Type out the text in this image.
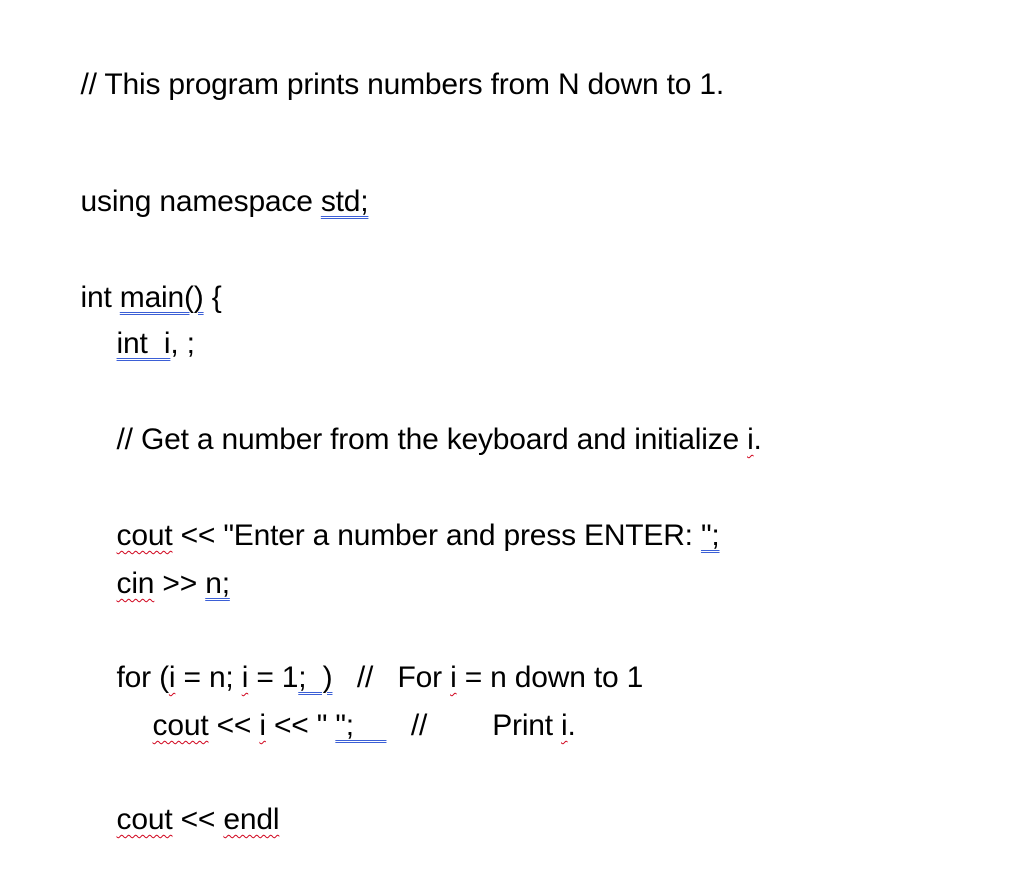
// This program prints numbers from N down to 1.

using namespace std;

int main() {

int  i, ;

// Get a number from the keyboard and initialize i.

cout << "Enter a number and press ENTER: ";

cin >> n;

for (i = n; i = 1;  )   //   For i = n down to 1

cout << i << " ";       //        Print i.

cout << endl
